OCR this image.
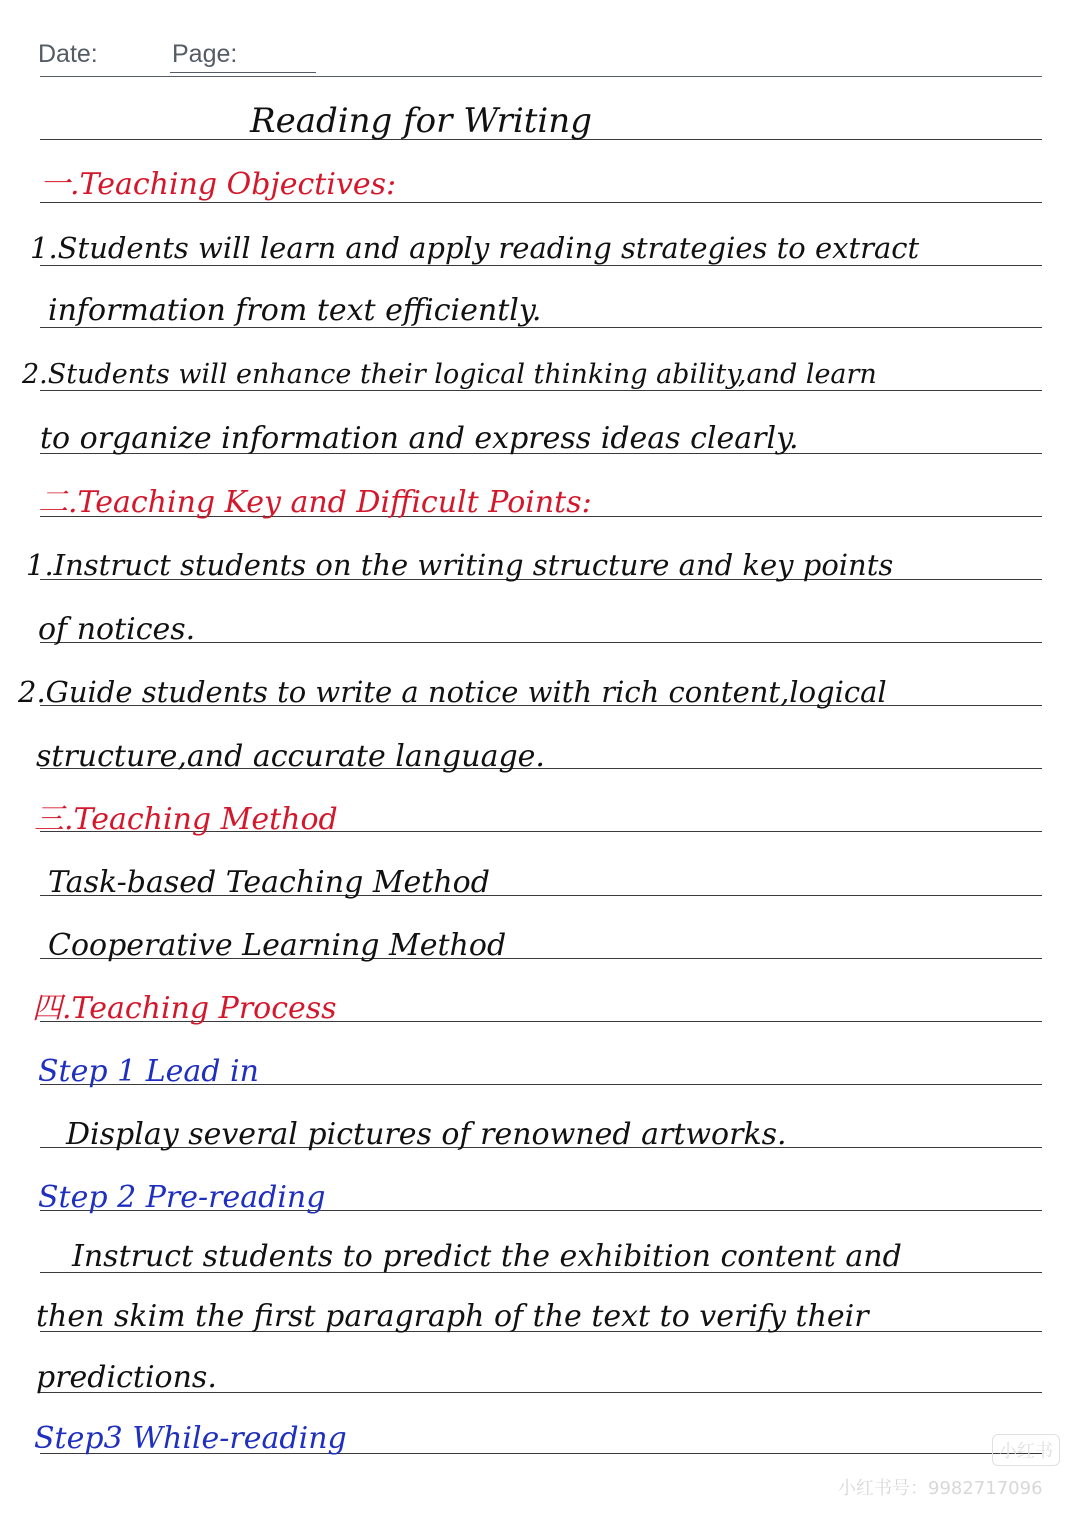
Date:	Page:
Reading for Writing
一.Teaching Objectives:
1.Students will learn and apply reading strategies to extract
information from text efficiently.
2.Students will enhance their logical thinking ability,and learn
to organize information and express ideas clearly.
二.Teaching Key and Difficult Points:
1.Instruct students on the writing structure and key points
of notices.
2.Guide students to write a notice with rich content,logical
structure,and accurate language.
三.Teaching Method
Task-based Teaching Method
Cooperative Learning Method
四.Teaching Process
Step 1 Lead in
Display several pictures of renowned artworks.
Step 2 Pre-reading
Instruct students to predict the exhibition content and
then skim the first paragraph of the text to verify their
predictions.
Step3 While-reading	小红书
小红书号：9982717096
